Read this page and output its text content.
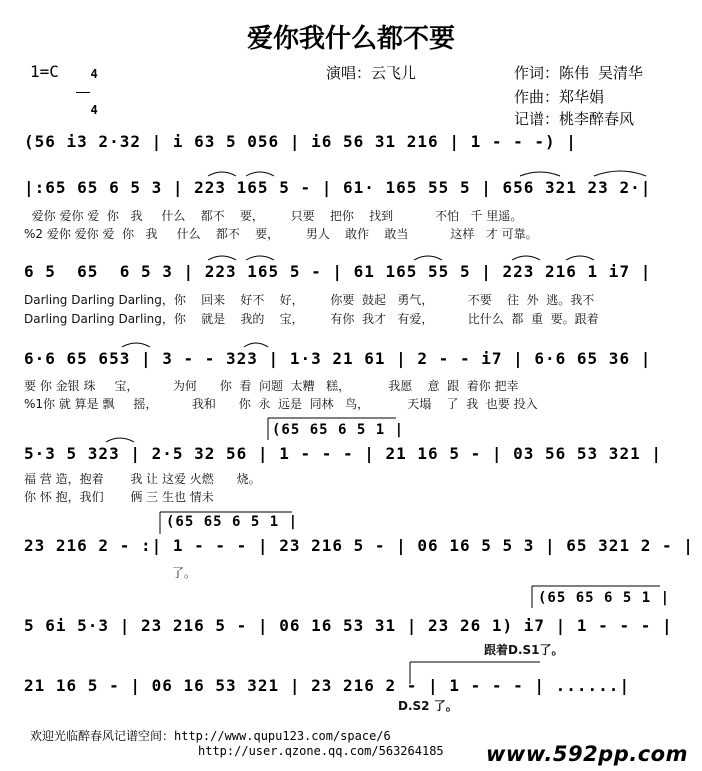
爱你我什么都不要
1=C	4

4

演唱：云飞儿	作词：陈伟 吴清华
作曲：郑华娟
记谱：桃李醉春风
(56 i3 2·32 | i 63 5 056 | i6 56 31 216 | 1 - - -) |
|:65 65 6 5 3 | 223 165 5 - | 61· 165 55 5 | 656 321 23 2·|
爱你 爱你 爱  你   我     什么    都不    要，       只要    把你    找到           不怕   千 里遥。
%2 爱你 爱你 爱  你   我     什么    都不    要，       男人    敢作    敢当           这样   才 可靠。
6 5  65  6 5 3 | 223 165 5 - | 61 165 55 5 | 223 216 1 i7 |
Darling Darling Darling，你    回来    好不    好，       你要  鼓起   勇气，         不要    往  外  逃。我不
Darling Darling Darling，你    就是    我的    宝，       有你  我才   有爱，         比什么  都  重  要。跟着
6·6 65 653 | 3 - - 323 | 1·3 21 61 | 2 - - i7 | 6·6 65 36 |
要 你 金银 珠     宝，         为何      你  看  问题  太糟   糕，          我愿    意  跟  着你 把幸
%1你 就 算是 飘     摇，         我和      你  永  远是  同林   鸟，          天塌    了  我  也要 投入
(65 65 6 5 1 |
5·3 5 323 | 2·5 32 56 | 1 - - - | 21 16 5 - | 03 56 53 321 |
福 营 造，抱着       我 让 这爱 火燃      烧。
你 怀 抱，我们       俩 三 生也 情未
(65 65 6 5 1 |
23 216 2 - :| 1 - - - | 23 216 5 - | 06 16 5 5 3 | 65 321 2 - |
了。
(65 65 6 5 1 |
5 6i 5·3 | 23 216 5 - | 06 16 53 31 | 23 26 1) i7 | 1 - - - |
跟着D.S1了。
21 16 5 - | 06 16 53 321 | 23 216 2 - | 1 - - - | ......|
D.S2 了。
欢迎光临醉春风记谱空间：http://www.qupu123.com/space/6
http://user.qzone.qq.com/563264185 www.592pp.com
